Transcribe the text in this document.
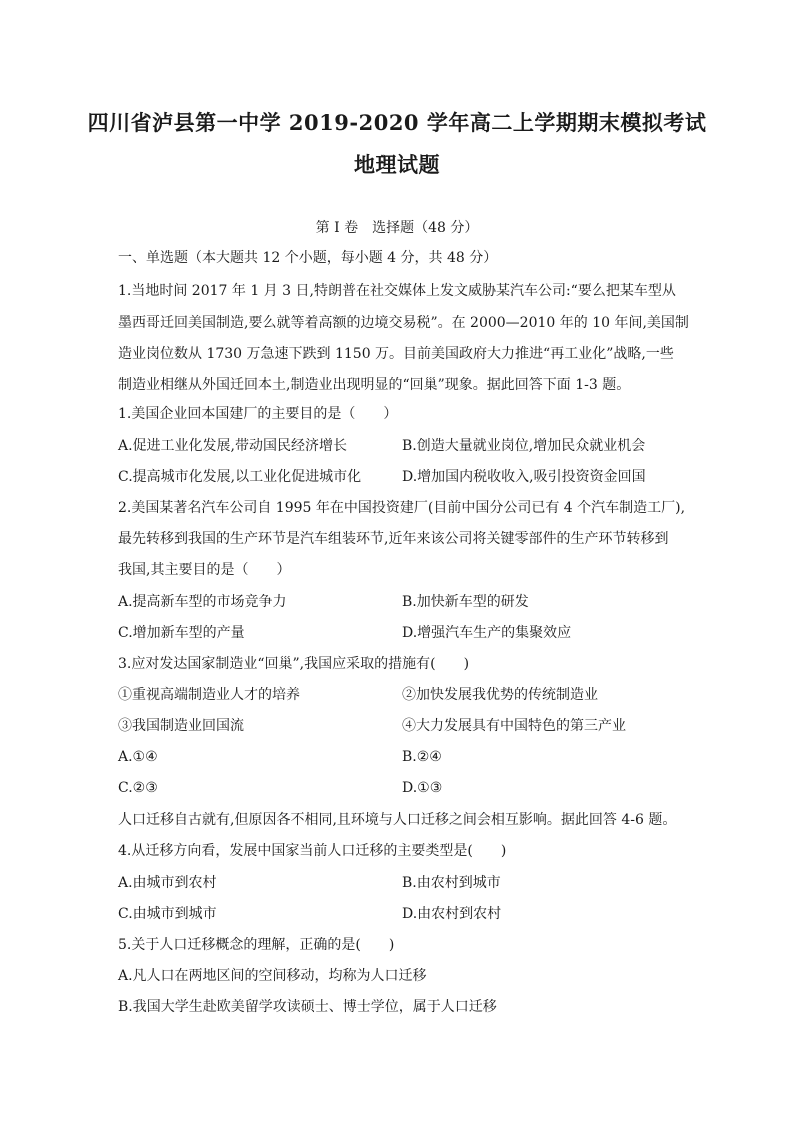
四川省泸县第一中学 2019-2020 学年高二上学期期末模拟考试
地理试题
第 I 卷　选择题（48 分）
一、单选题（本大题共 12 个小题，每小题 4 分，共 48 分）
1.当地时间 2017 年 1 月 3 日,特朗普在社交媒体上发文威胁某汽车公司:“要么把某车型从
墨西哥迁回美国制造,要么就等着高额的边境交易税”。在 2000—2010 年的 10 年间,美国制
造业岗位数从 1730 万急速下跌到 1150 万。目前美国政府大力推进“再工业化”战略,一些
制造业相继从外国迁回本土,制造业出现明显的“回巢”现象。据此回答下面 1-3 题。
1.美国企业回本国建厂的主要目的是（　　）
A.促进工业化发展,带动国民经济增长	B.创造大量就业岗位,增加民众就业机会
C.提高城市化发展,以工业化促进城市化	D.增加国内税收收入,吸引投资资金回国
2.美国某著名汽车公司自 1995 年在中国投资建厂(目前中国分公司已有 4 个汽车制造工厂),
最先转移到我国的生产环节是汽车组装环节,近年来该公司将关键零部件的生产环节转移到
我国,其主要目的是（　　）
A.提高新车型的市场竞争力	B.加快新车型的研发
C.增加新车型的产量	D.增强汽车生产的集聚效应
3.应对发达国家制造业“回巢”,我国应采取的措施有(　　)
①重视高端制造业人才的培养	②加快发展我优势的传统制造业
③我国制造业回国流	④大力发展具有中国特色的第三产业
A.①④	B.②④
C.②③	D.①③
人口迁移自古就有,但原因各不相同,且环境与人口迁移之间会相互影响。据此回答 4-6 题。
4.从迁移方向看，发展中国家当前人口迁移的主要类型是(　　)
A.由城市到农村	B.由农村到城市
C.由城市到城市	D.由农村到农村
5.关于人口迁移概念的理解，正确的是(　　)
A.凡人口在两地区间的空间移动，均称为人口迁移
B.我国大学生赴欧美留学攻读硕士、博士学位，属于人口迁移
